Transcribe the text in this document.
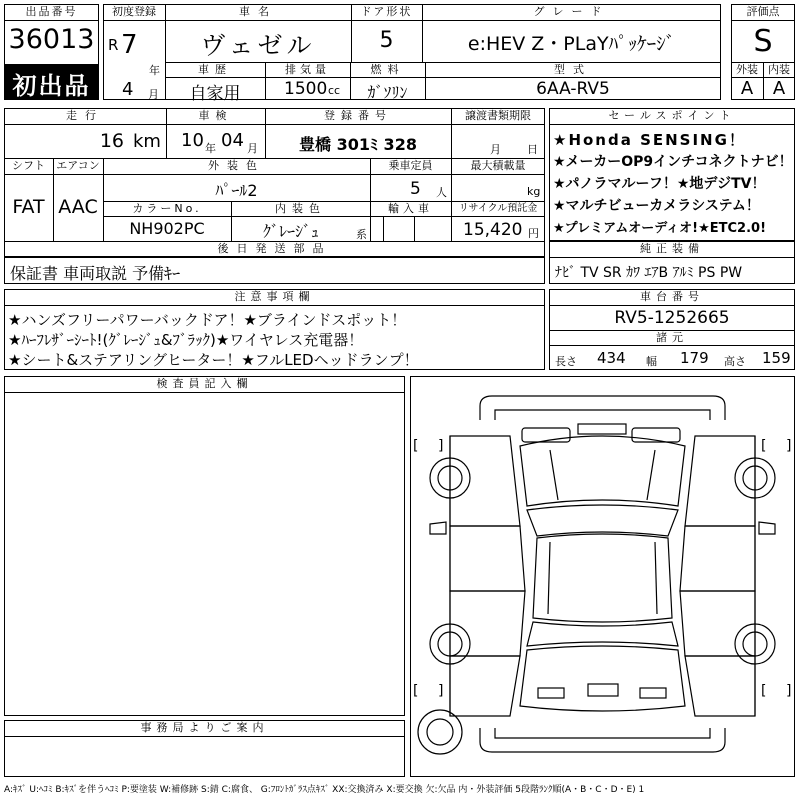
出品番号
36013
初出品
初度登録
R 7
年
4 月
車名
ヴェゼル
ドア形状
5
グレード
e:HEV Z・PLaYﾊﾟｯｹｰｼﾞ
車歴
自家用
排気量
1500 cc
燃料
ｶﾞｿﾘﾝ
型式
6AA-RV5
評価点
S
外装 内装
A	A
走行
16 km
車検
10 年 04 月
登録番号
豊橋 301ﾐ 328
譲渡書類期限
月 日
シフト
FAT
エアコン
AAC
外装色
ﾊﾟｰﾙ2
乗車定員
5 人
最大積載量
kg
カラーNo.
NH902PC
内装色
ｸﾞﾚｰｼﾞｭ	系
輸入車	リサイクル預託金
15,420 円
後日発送部品
保証書 車両取説 予備ｷｰ
セールスポイント
★Honda SENSING！
★メーカーOP9インチコネクトナビ！
★パノラマルーフ！★地デジTV！
★マルチビューカメラシステム！
★プレミアムオーディオ!★ETC2.0!
純正装備
ﾅﾋﾞ TV SR ｶﾜ ｴｱB ｱﾙﾐ PS PW
注意事項欄
★ハンズフリーパワーバックドア！★ブラインドスポット！
★ﾊｰﾌﾚｻﾞｰｼｰﾄ!(ｸﾞﾚｰｼﾞｭ&ﾌﾞﾗｯｸ)★ワイヤレス充電器！
★シート&ステアリングヒーター！★フルLEDヘッドランプ！
車台番号
RV5-1252665
諸元
長さ 434 幅 179 高さ 159
検査員記入欄
事務局よりご案内
[ ]	[ ]
[ ]	[ ]
A:ｷｽﾞ U:ﾍｺﾐ B:ｷｽﾞを伴うﾍｺﾐ P:要塗装 W:補修跡 S:錆 C:腐食、 G:ﾌﾛﾝﾄｶﾞﾗｽ点ｷｽﾞ XX:交換済み X:要交換 欠:欠品 内・外装評価 5段階ﾗﾝｸ順(A・B・C・D・E) 1
